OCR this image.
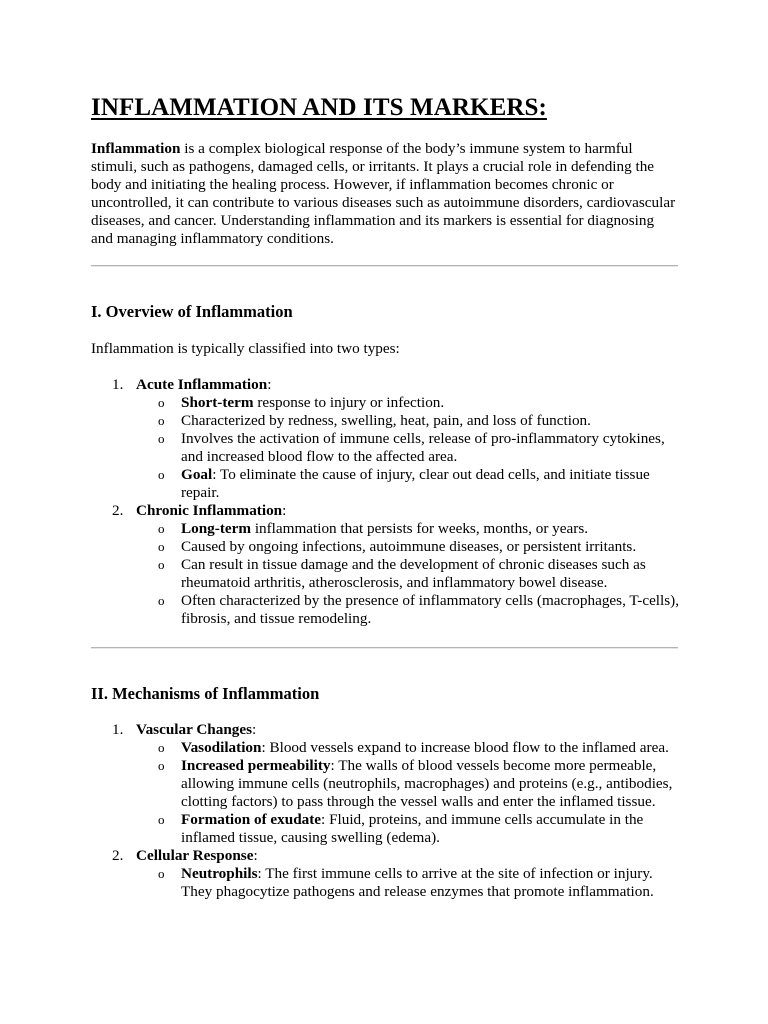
INFLAMMATION AND ITS MARKERS:

Inflammation is a complex biological response of the body’s immune system to harmful stimuli, such as pathogens, damaged cells, or irritants. It plays a crucial role in defending the body and initiating the healing process. However, if inflammation becomes chronic or uncontrolled, it can contribute to various diseases such as autoimmune disorders, cardiovascular diseases, and cancer. Understanding inflammation and its markers is essential for diagnosing and managing inflammatory conditions.

I. Overview of Inflammation

Inflammation is typically classified into two types:

1. Acute Inflammation:
o Short-term response to injury or infection.
o Characterized by redness, swelling, heat, pain, and loss of function.
o Involves the activation of immune cells, release of pro-inflammatory cytokines, and increased blood flow to the affected area.
o Goal: To eliminate the cause of injury, clear out dead cells, and initiate tissue repair.
2. Chronic Inflammation:
o Long-term inflammation that persists for weeks, months, or years.
o Caused by ongoing infections, autoimmune diseases, or persistent irritants.
o Can result in tissue damage and the development of chronic diseases such as rheumatoid arthritis, atherosclerosis, and inflammatory bowel disease.
o Often characterized by the presence of inflammatory cells (macrophages, T-cells), fibrosis, and tissue remodeling.
II. Mechanisms of Inflammation
1. Vascular Changes:
o Vasodilation: Blood vessels expand to increase blood flow to the inflamed area.
o Increased permeability: The walls of blood vessels become more permeable, allowing immune cells (neutrophils, macrophages) and proteins (e.g., antibodies, clotting factors) to pass through the vessel walls and enter the inflamed tissue.
o Formation of exudate: Fluid, proteins, and immune cells accumulate in the inflamed tissue, causing swelling (edema).
2. Cellular Response:
o Neutrophils: The first immune cells to arrive at the site of infection or injury. They phagocytize pathogens and release enzymes that promote inflammation.
